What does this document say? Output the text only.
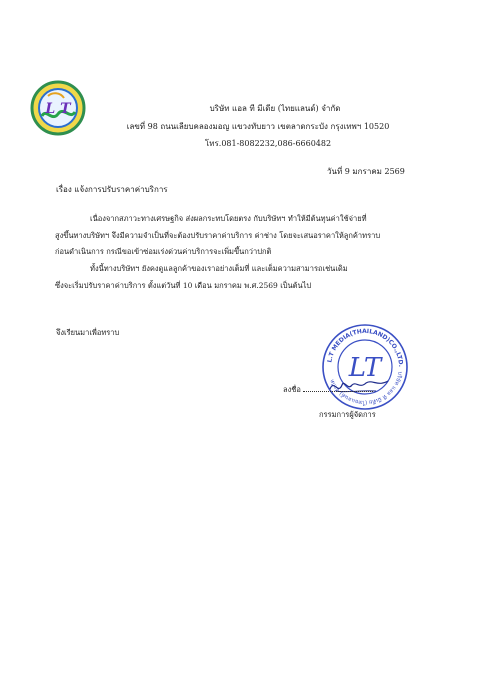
L T	บริษัท แอล ที มีเดีย (ไทยแลนด์) จำกัด
เลขที่ 98 ถนนเลียบคลองมอญ แขวงทับยาว เขตลาดกระบัง กรุงเทพฯ 10520
โทร.081-8082232,086-6660482
วันที่ 9 มกราคม 2569
เรื่อง แจ้งการปรับราคาค่าบริการ
เนื่องจากสภาวะทางเศรษฐกิจ ส่งผลกระทบโดยตรง กับบริษัทฯ ทำให้มีต้นทุนค่าใช้จ่ายที่
สูงขึ้นทางบริษัทฯ จึงมีความจำเป็นที่จะต้องปรับราคาค่าบริการ ค่าช่าง โดยจะเสนอราคาให้ลูกค้าทราบ
ก่อนดำเนินการ กรณีขอเข้าซ่อมเร่งด่วนค่าบริการจะเพิ่มขึ้นกว่าปกติ
ทั้งนี้ทางบริษัทฯ ยังคงดูแลลูกค้าของเราอย่างเต็มที่ และเต็มความสามารถเช่นเดิม
ซึ่งจะเริ่มปรับราคาค่าบริการ ตั้งแต่วันที่ 10 เดือน มกราคม พ.ศ.2569 เป็นต้นไป
จึงเรียนมาเพื่อทราบ
L.T MEDIA(THAILAND)CO.,LTD.
บริษัท แอล ที มีเดีย (ไทยแลนด์) จำกัด LT
ลงชื่อ
กรรมการผู้จัดการ
